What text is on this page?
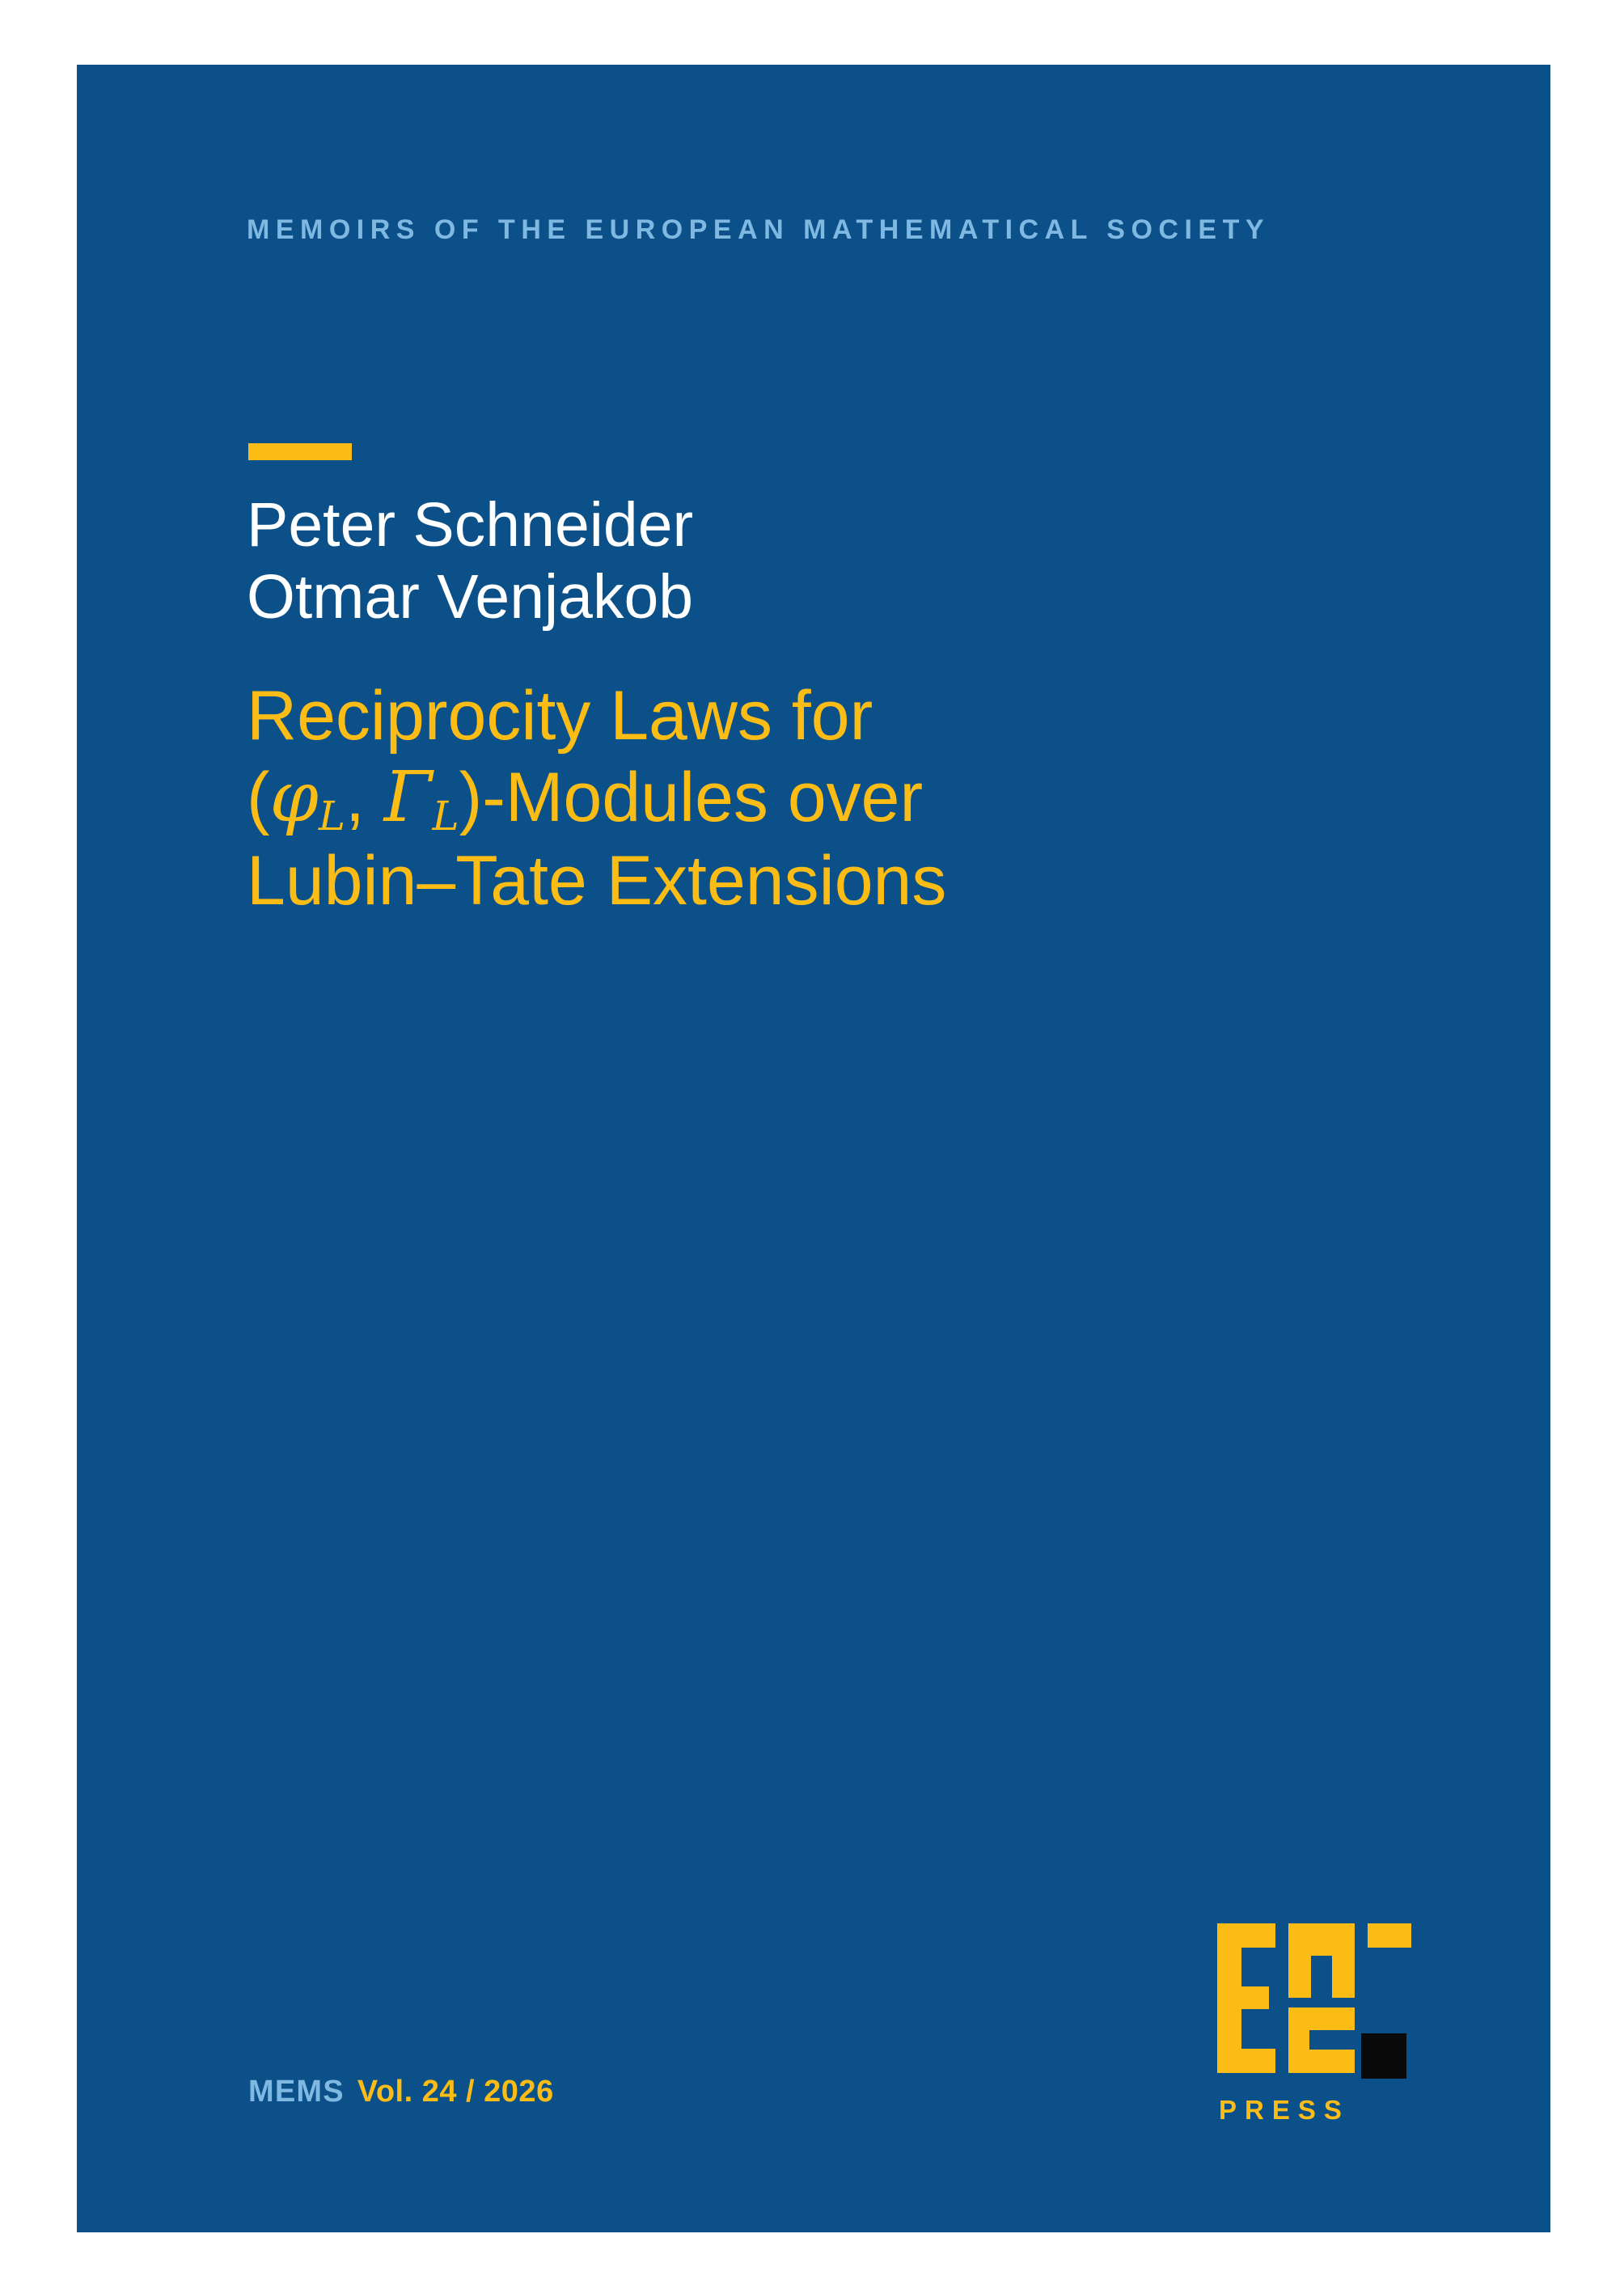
MEMOIRS OF THE EUROPEAN MATHEMATICAL SOCIETY
Peter Schneider
Otmar Venjakob
Reciprocity Laws for
($\varphi_L$, $\Gamma_L$)-Modules over
Lubin–Tate Extensions
MEMS Vol. 24 / 2026
PRESS
